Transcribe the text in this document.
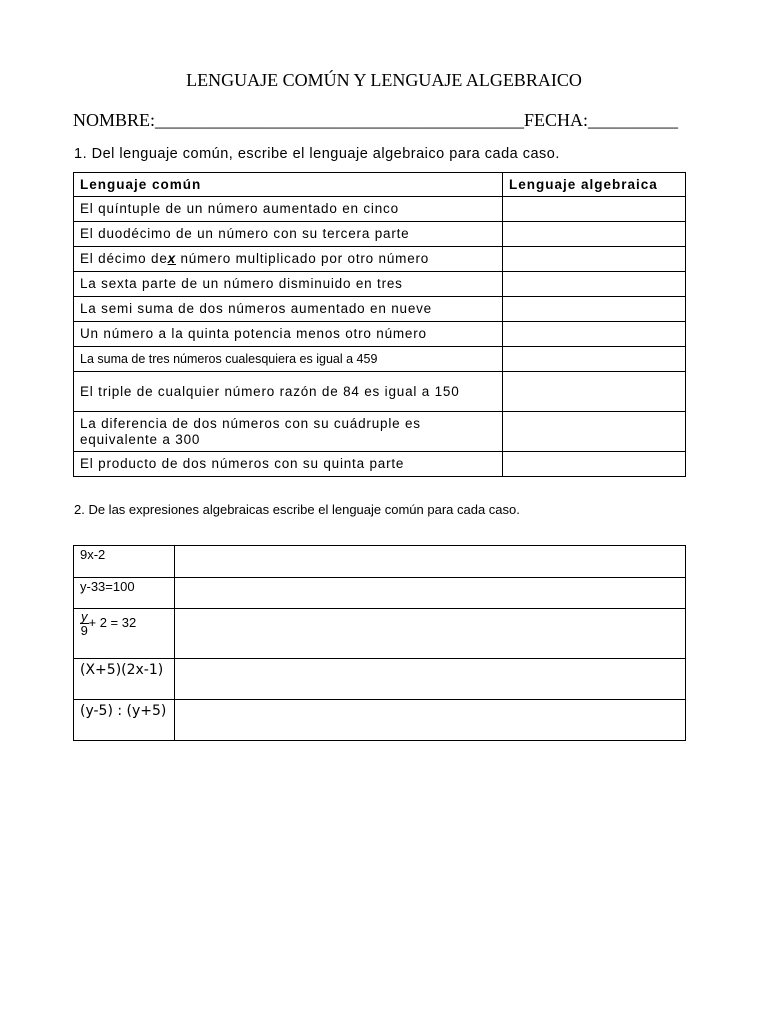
LENGUAJE COMÚN Y LENGUAJE ALGEBRAICO
NOMBRE:_________________________________________FECHA:__________
1. Del lenguaje común, escribe el lenguaje algebraico para cada caso.
Lenguaje común	Lenguaje algebraica
El quíntuple de un número aumentado en cinco	
El duodécimo de un número con su tercera parte	
El décimo dex número multiplicado por otro número	
La sexta parte de un número disminuido en tres	
La semi suma de dos números aumentado en nueve	
Un número a la quinta potencia menos otro número	
La suma de tres números cualesquiera es igual a 459	
El triple de cualquier número razón de 84 es igual a 150	
La diferencia de dos números con su cuádruple es equivalente a 300	
El producto de dos números con su quinta parte	
2. De las expresiones algebraicas escribe el lenguaje común para cada caso.
9x-2	
y-33=100	

$\frac{y}{9} + 2 = 32$	
(X+5)(2x-1)	
(y-5) : (y+5)	
